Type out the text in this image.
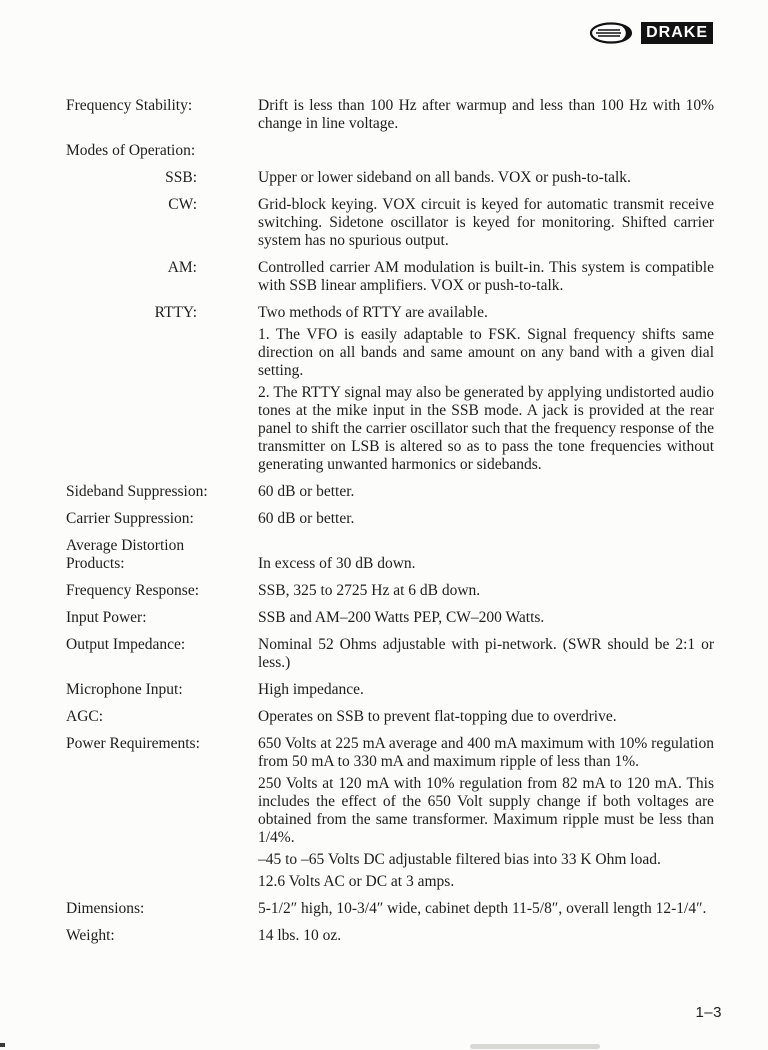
DRAKE
Frequency Stability:	Drift is less than 100 Hz after warmup and less than 100 Hz with 10% change in line voltage.

Modes of Operation:
SSB:	Upper or lower sideband on all bands. VOX or push-to-talk.

CW:	Grid-block keying. VOX circuit is keyed for automatic transmit receive switching. Sidetone oscillator is keyed for monitoring. Shifted carrier system has no spurious output.

AM:	Controlled carrier AM modulation is built-in. This system is compatible with SSB linear amplifiers. VOX or push-to-talk.

RTTY:	Two methods of RTTY are available.

1. The VFO is easily adaptable to FSK. Signal frequency shifts same direction on all bands and same amount on any band with a given dial setting.

2. The RTTY signal may also be generated by applying undistorted audio tones at the mike input in the SSB mode. A jack is provided at the rear panel to shift the carrier oscillator such that the frequency response of the transmitter on LSB is altered so as to pass the tone frequencies without generating unwanted harmonics or sidebands.

Sideband Suppression:	60 dB or better.

Carrier Suppression:	60 dB or better.

Average Distortion
Products:	In excess of 30 dB down.

Frequency Response:	SSB, 325 to 2725 Hz at 6 dB down.

Input Power:	SSB and AM–200 Watts PEP, CW–200 Watts.

Output Impedance:	Nominal 52 Ohms adjustable with pi-network. (SWR should be 2:1 or less.)

Microphone Input:	High impedance.

AGC:	Operates on SSB to prevent flat-topping due to overdrive.

Power Requirements:	650 Volts at 225 mA average and 400 mA maximum with 10% regulation from 50 mA to 330 mA and maximum ripple of less than 1%.

250 Volts at 120 mA with 10% regulation from 82 mA to 120 mA. This includes the effect of the 650 Volt supply change if both voltages are obtained from the same transformer. Maximum ripple must be less than 1/4%.

–45 to –65 Volts DC adjustable filtered bias into 33 K Ohm load.

12.6 Volts AC or DC at 3 amps.

Dimensions:	5-1/2″ high, 10-3/4″ wide, cabinet depth 11-5/8″, overall length 12-1/4″.

Weight:	14 lbs. 10 oz.

1–3
